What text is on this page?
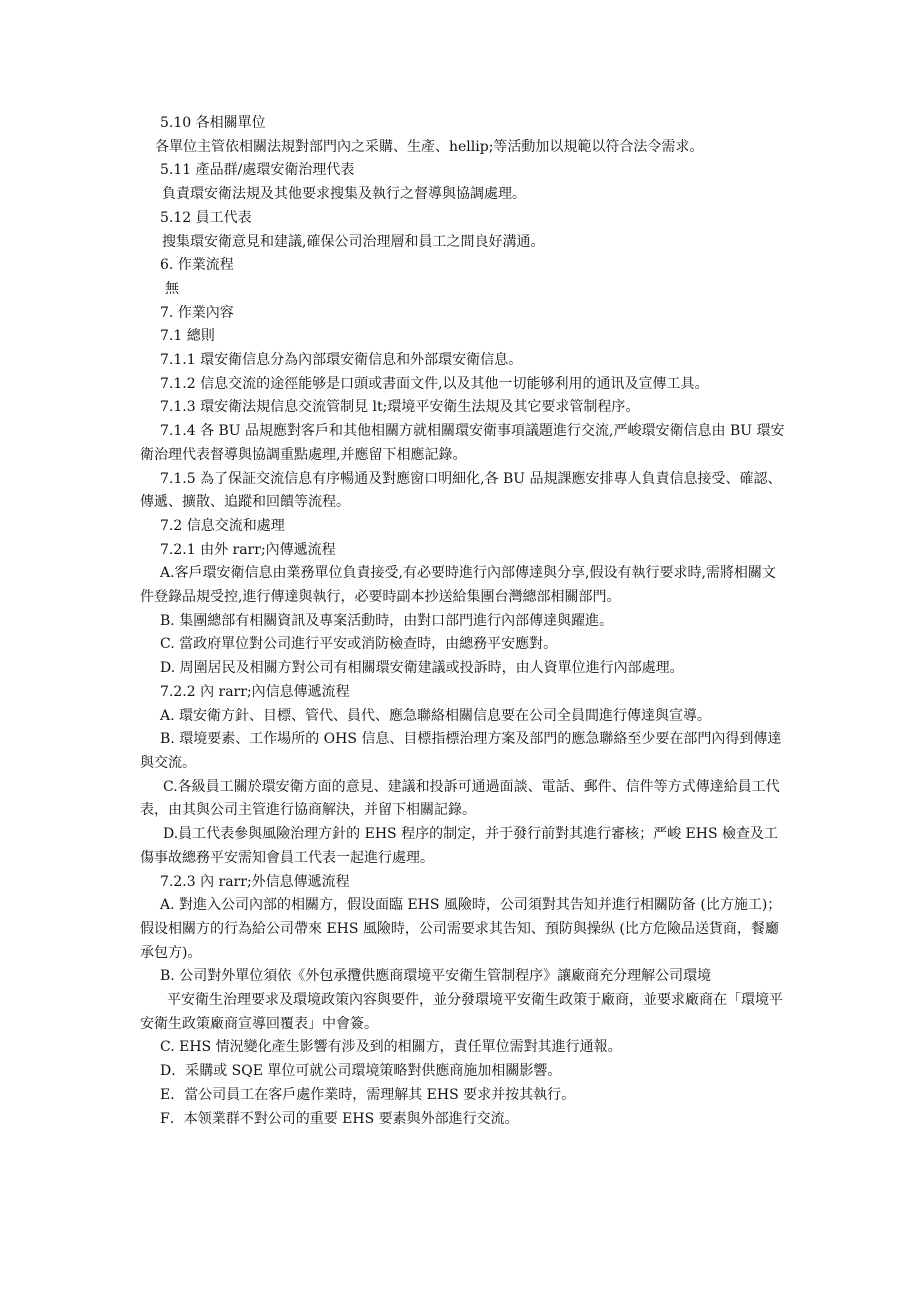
5.10 各相關單位

各單位主管依相關法規對部門內之采購、生產、hellip;等活動加以規範以符合法令需求。

5.11 產品群/處環安衛治理代表

負責環安衛法規及其他要求搜集及執行之督導與協調處理。

5.12 員工代表

搜集環安衛意見和建議,確保公司治理層和員工之間良好溝通。

6. 作業流程

無

7. 作業內容

7.1 總則

7.1.1 環安衛信息分為內部環安衛信息和外部環安衛信息。

7.1.2 信息交流的途徑能够是口頭或書面文件,以及其他一切能够利用的通讯及宣傳工具。

7.1.3 環安衛法規信息交流管制見 lt;環境平安衛生法規及其它要求管制程序。

7.1.4 各 BU 品規應對客戶和其他相關方就相關環安衛事項議題進行交流,严峻環安衛信息由 BU 環安衛治理代表督導與協調重點處理,并應留下相應記錄。

7.1.5 為了保証交流信息有序暢通及對應窗口明細化,各 BU 品規課應安排專人負責信息接受、確認、傳遞、擴散、追蹤和回饋等流程。

7.2 信息交流和處理

7.2.1 由外 rarr;內傳遞流程

A.客戶環安衛信息由業務單位負責接受,有必要時進行內部傳達與分享,假设有執行要求時,需將相關文件登錄品規受控,進行傳達與執行，必要時副本抄送給集團台灣總部相關部門。

B. 集團總部有相關資訊及專案活動時，由對口部門進行內部傳達與躍進。

C. 當政府單位對公司進行平安或消防檢查時，由總務平安應對。

D. 周圍居民及相關方對公司有相關環安衛建議或投訴時，由人資單位進行內部處理。

7.2.2 內 rarr;內信息傳遞流程

A. 環安衛方針、目標、管代、員代、應急聯絡相關信息要在公司全員間進行傳達與宣導。

B. 環境要素、工作場所的 OHS 信息、目標指標治理方案及部門的應急聯絡至少要在部門內得到傳達與交流。

C.各級員工關於環安衛方面的意見、建議和投訴可通過面談、電話、郵件、信件等方式傳達給員工代表，由其與公司主管進行協商解決，并留下相關記錄。

D.員工代表參與風險治理方針的 EHS 程序的制定，并于發行前對其進行審核；严峻 EHS 檢查及工傷事故總務平安需知會員工代表一起進行處理。

7.2.3 內 rarr;外信息傳遞流程

A. 對進入公司內部的相關方，假设面臨 EHS 風險時，公司須對其告知并進行相關防备 (比方施工)；假设相關方的行為給公司帶來 EHS 風險時，公司需要求其告知、預防與操纵 (比方危險品送貨商，餐廳承包方)。

B. 公司對外單位須依《外包承攬供應商環境平安衛生管制程序》讓廠商充分理解公司環境

平安衛生治理要求及環境政策內容與要件，並分發環境平安衛生政策于廠商，並要求廠商在「環境平安衛生政策廠商宣導回覆表」中會簽。

C. EHS 情況變化產生影響有涉及到的相關方，責任單位需對其進行通報。

D．采購或 SQE 單位可就公司環境策略對供應商施加相關影響。

E．當公司員工在客戶處作業時，需理解其 EHS 要求并按其執行。

F．本领業群不對公司的重要 EHS 要素與外部進行交流。
